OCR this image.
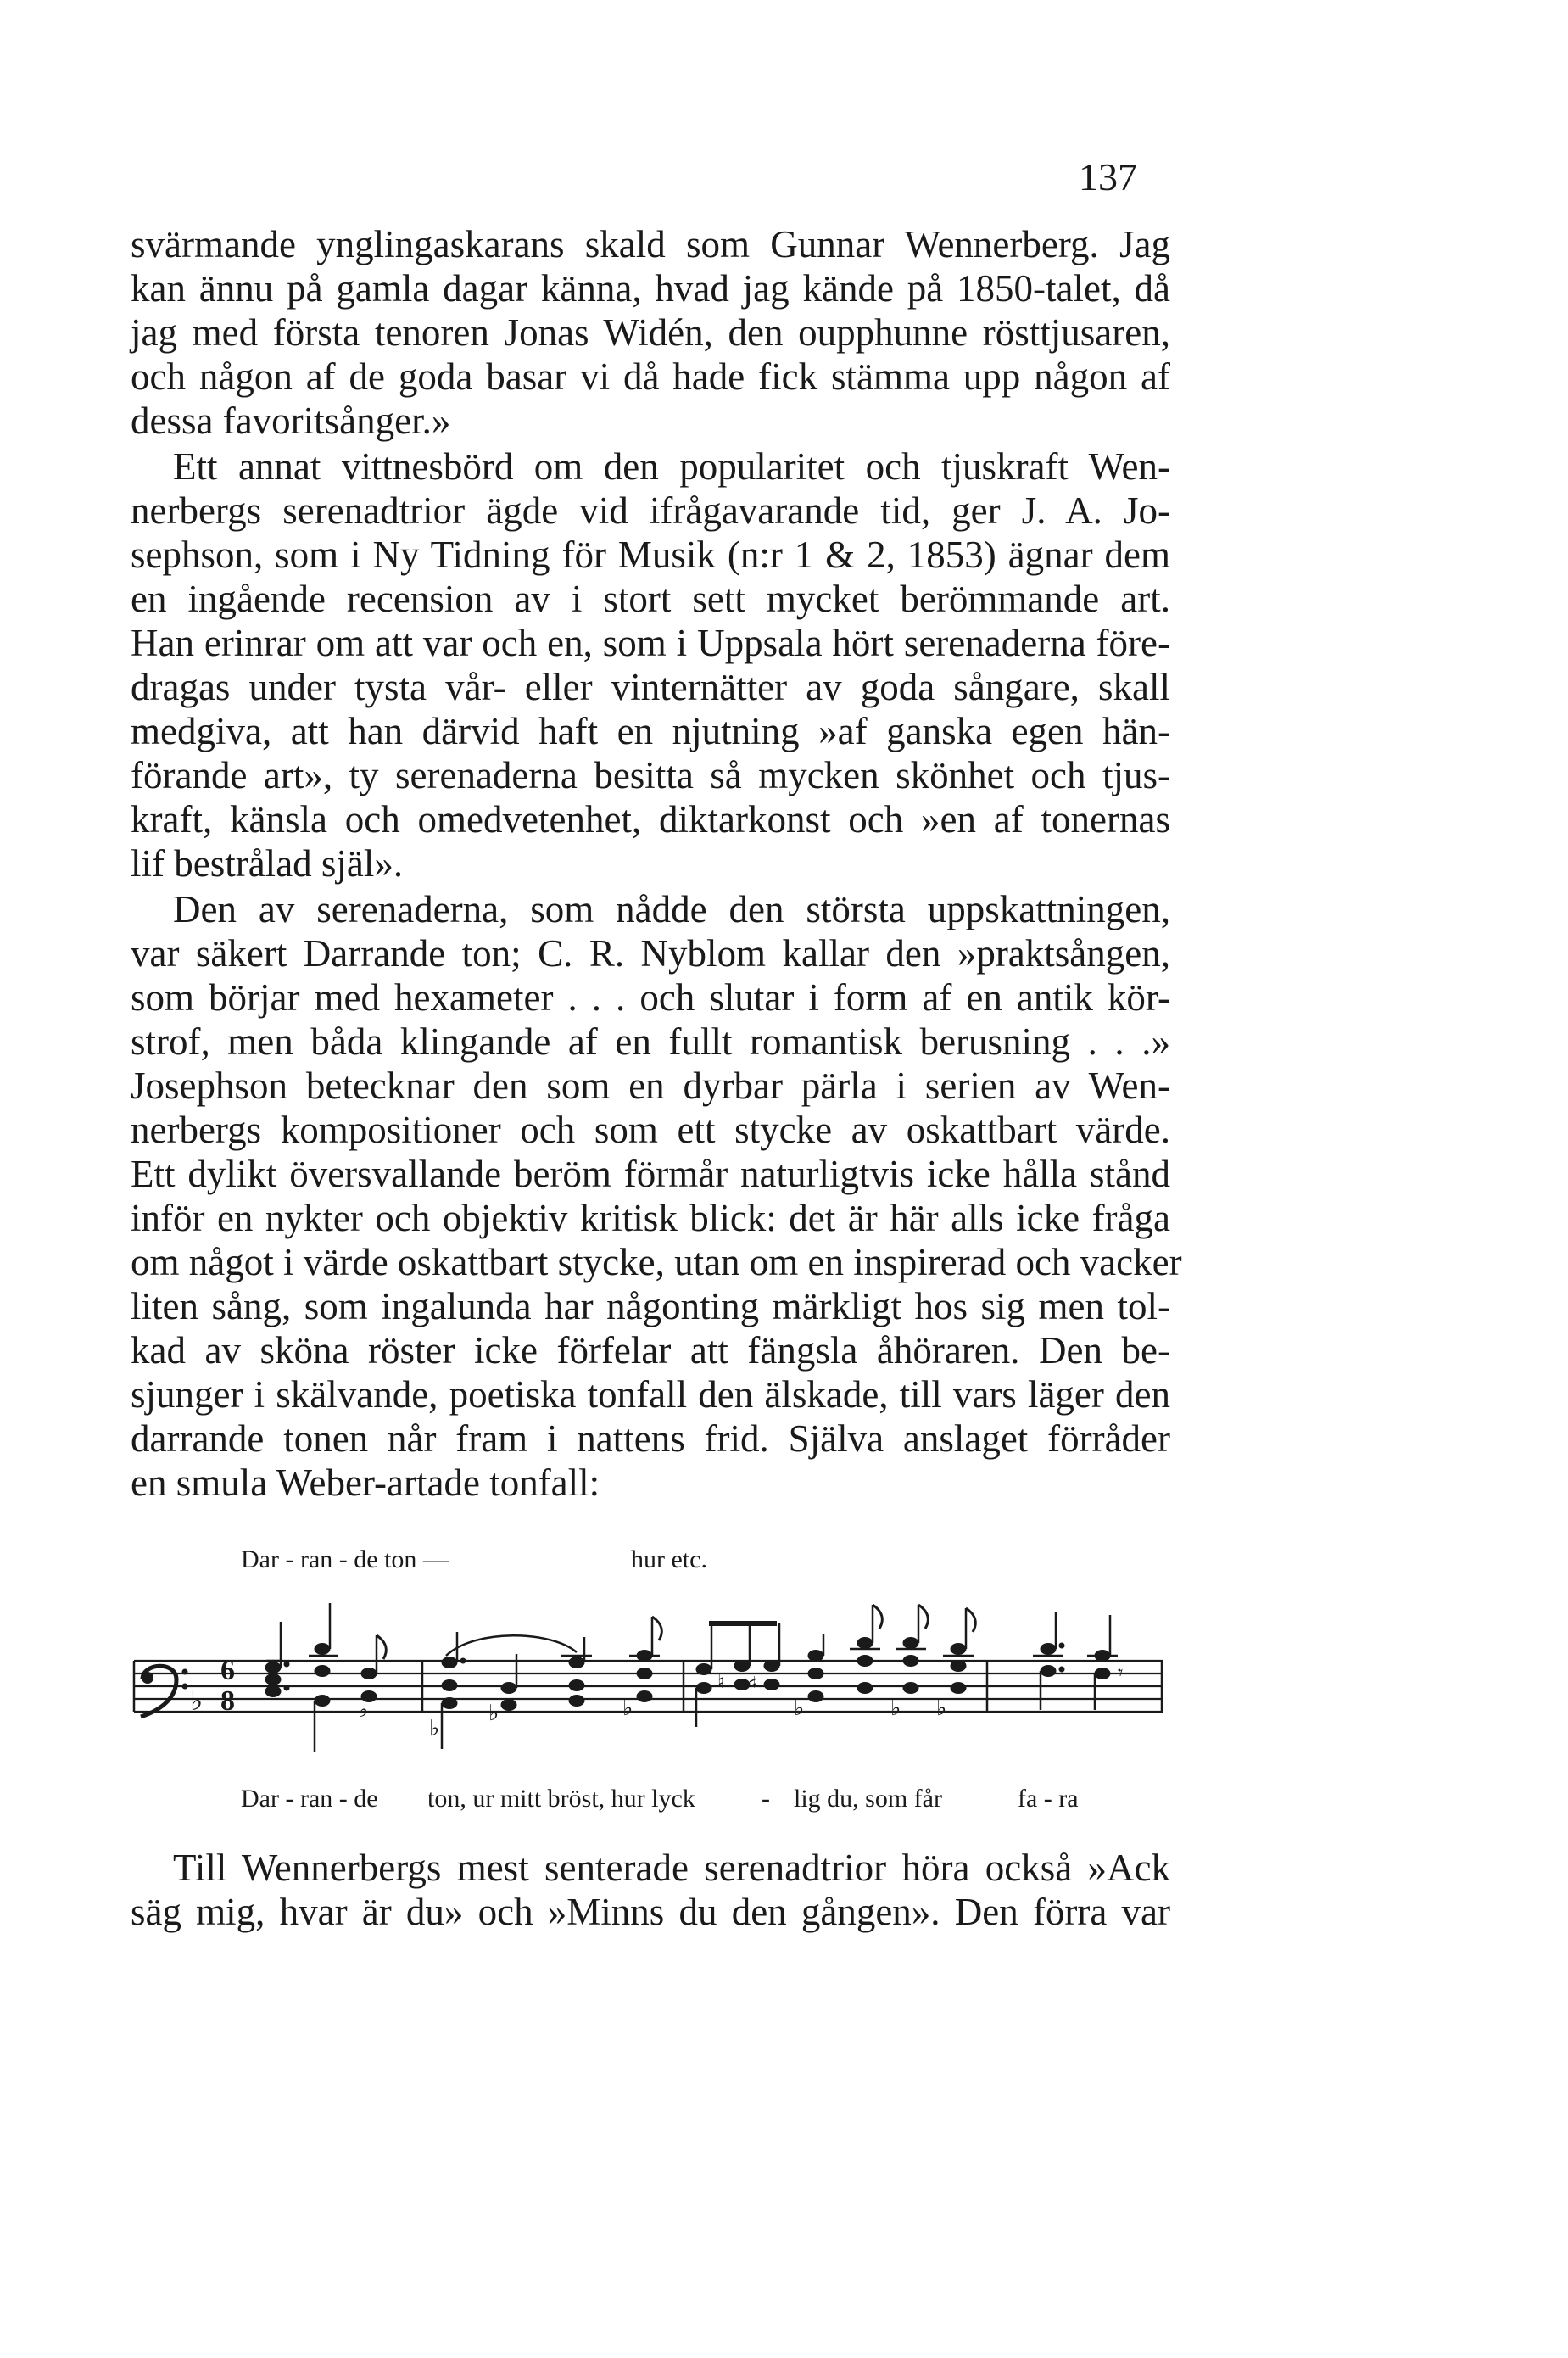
137
svärmande ynglingaskarans skald som Gunnar Wennerberg. Jag
kan ännu på gamla dagar känna, hvad jag kände på 1850-talet, då
jag med första tenoren Jonas Widén, den oupphunne rösttjusaren,
och någon af de goda basar vi då hade fick stämma upp någon af
dessa favoritsånger.»
Ett annat vittnesbörd om den popularitet och tjuskraft Wen-
nerbergs serenadtrior ägde vid ifrågavarande tid, ger J. A. Jo-
sephson, som i Ny Tidning för Musik (n:r 1 & 2, 1853) ägnar dem
en ingående recension av i stort sett mycket berömmande art.
Han erinrar om att var och en, som i Uppsala hört serenaderna före-
dragas under tysta vår- eller vinternätter av goda sångare, skall
medgiva, att han därvid haft en njutning »af ganska egen hän-
förande art», ty serenaderna besitta så mycken skönhet och tjus-
kraft, känsla och omedvetenhet, diktarkonst och »en af tonernas
lif bestrålad själ».
Den av serenaderna, som nådde den största uppskattningen,
var säkert Darrande ton; C. R. Nyblom kallar den »praktsången,
som börjar med hexameter . . . och slutar i form af en antik kör-
strof, men båda klingande af en fullt romantisk berusning . . .»
Josephson betecknar den som en dyrbar pärla i serien av Wen-
nerbergs kompositioner och som ett stycke av oskattbart värde.
Ett dylikt översvallande beröm förmår naturligtvis icke hålla stånd
inför en nykter och objektiv kritisk blick: det är här alls icke fråga
om något i värde oskattbart stycke, utan om en inspirerad och vacker
liten sång, som ingalunda har någonting märkligt hos sig men tol-
kad av sköna röster icke förfelar att fängsla åhöraren. Den be-
sjunger i skälvande, poetiska tonfall den älskade, till vars läger den
darrande tonen når fram i nattens frid. Själva anslaget förråder
en smula Weber-artade tonfall:
Dar - ran - de ton —	hur etc.
♭
6
8	♭
♭
♭	♭
♮ ♯
♭	♭ ♭
𝄾
Dar - ran - de ton, ur mitt bröst, hur lyck	- lig du, som får	fa - ra
Till Wennerbergs mest senterade serenadtrior höra också »Ack
säg mig, hvar är du» och »Minns du den gången». Den förra var
